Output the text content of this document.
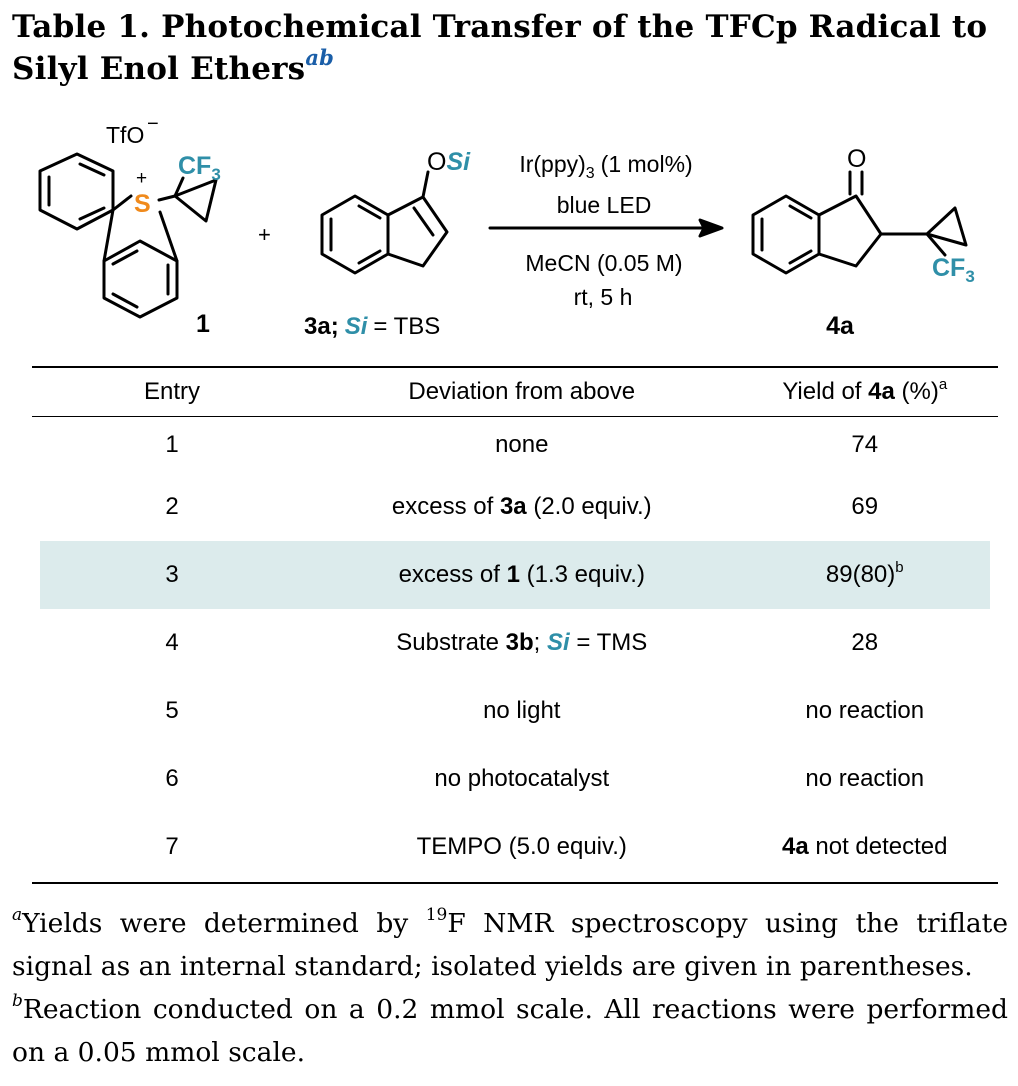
Table 1. Photochemical Transfer of the TFCp Radical to Silyl Enol Ethers$^{ab}$
TfO −
+
S
$CF_3$
1
+
OSi
3a; Si = TBS
$Ir(ppy)_3$ (1 mol%)
blue LED
MeCN (0.05 M)
rt, 5 h
O
$CF_3$
4a
Entry	Deviation from above	Yield of 4a (%)$^a$
1	none	74
2	excess of 3a (2.0 equiv.)	69
3	excess of 1 (1.3 equiv.)	89(80)$^b$
4	Substrate 3b; Si = TMS	28
5	no light	no reaction
6	no photocatalyst	no reaction
7	TEMPO (5.0 equiv.)	4a not detected

$^a$Yields were determined by $^{19}$F NMR spectroscopy using the triflate signal as an internal standard; isolated yields are given in parentheses.

$^b$Reaction conducted on a 0.2 mmol scale. All reactions were performed on a 0.05 mmol scale.
